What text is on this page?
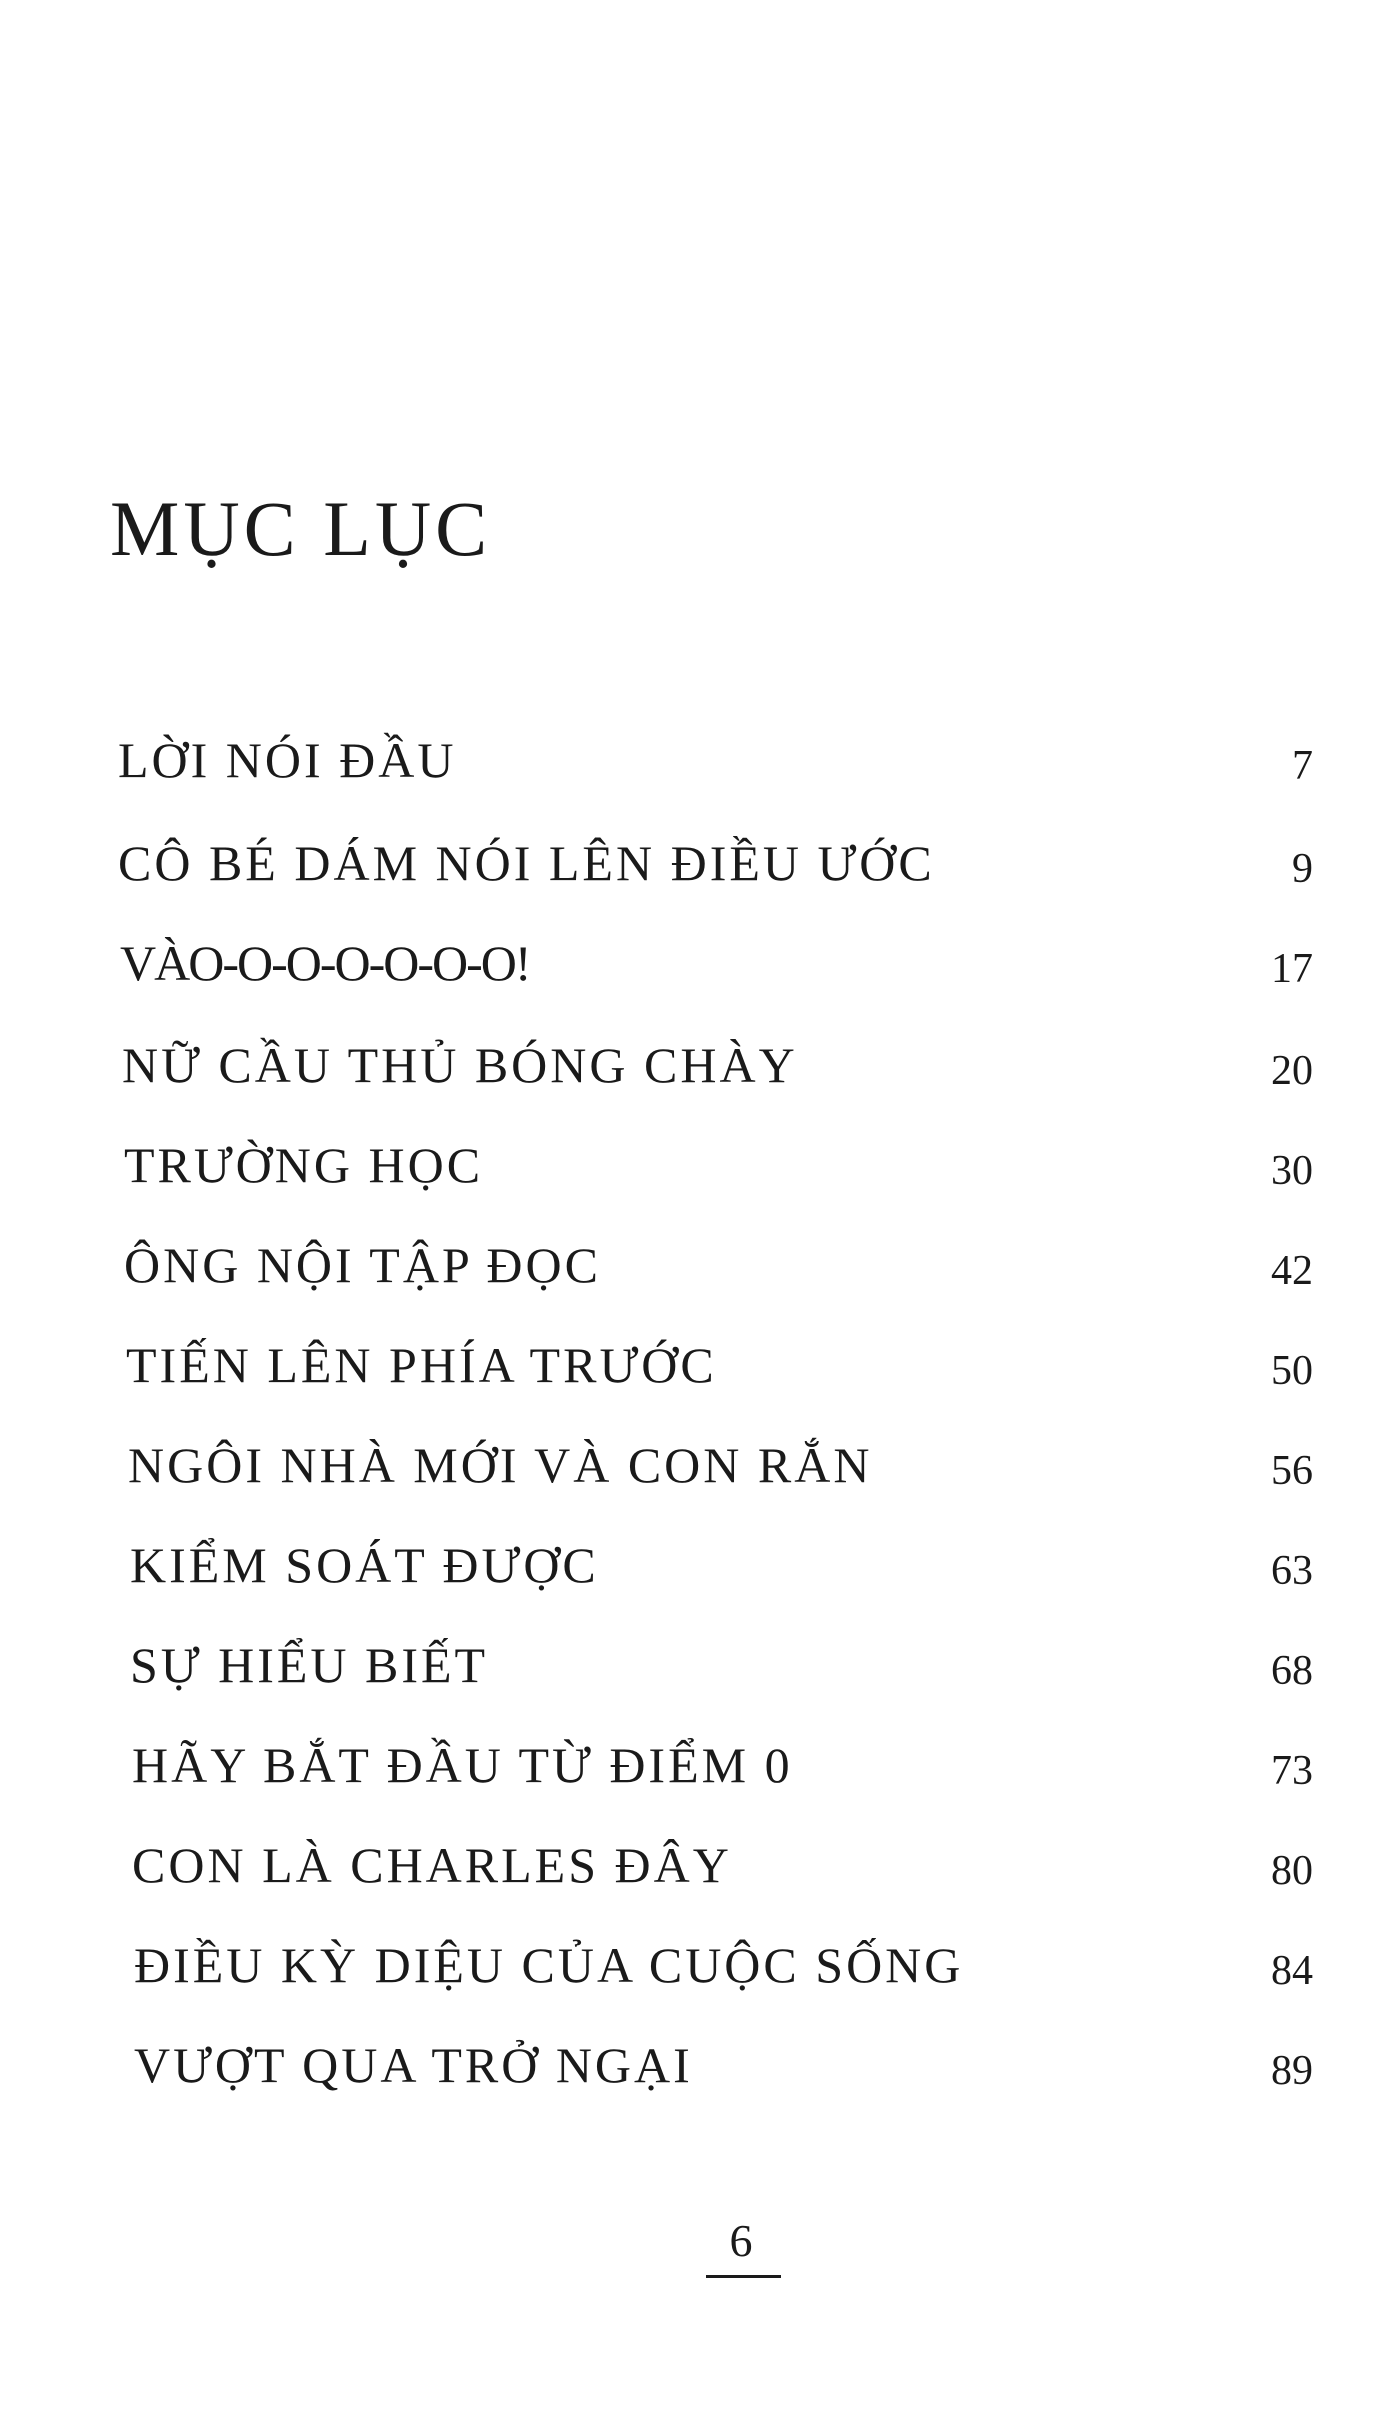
MỤC LỤC
LỜI NÓI ĐẦU	7
CÔ BÉ DÁM NÓI LÊN ĐIỀU ƯỚC	9
VÀO-O-O-O-O-O-O!	17
NỮ CẦU THỦ BÓNG CHÀY	20
TRƯỜNG HỌC	30
ÔNG NỘI TẬP ĐỌC	42
TIẾN LÊN PHÍA TRƯỚC	50
NGÔI NHÀ MỚI VÀ CON RẮN	56
KIỂM SOÁT ĐƯỢC	63
SỰ HIỂU BIẾT	68
HÃY BẮT ĐẦU TỪ ĐIỂM 0	73
CON LÀ CHARLES ĐÂY	80
ĐIỀU KỲ DIỆU CỦA CUỘC SỐNG	84
VƯỢT QUA TRỞ NGẠI	89
6
